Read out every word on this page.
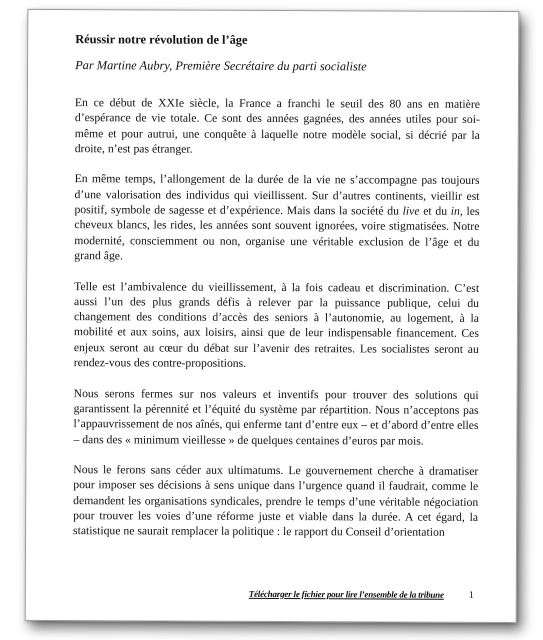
Réussir notre révolution de l’âge
Par Martine Aubry, Première Secrétaire du parti socialiste

En ce début de XXIe siècle, la France a franchi le seuil des 80 ans en matière d’espérance de vie totale. Ce sont des années gagnées, des années utiles pour soi-même et pour autrui, une conquête à laquelle notre modèle social, si décrié par la droite, n’est pas étranger.

En même temps, l’allongement de la durée de la vie ne s’accompagne pas toujours d’une valorisation des individus qui vieillissent. Sur d’autres continents, vieillir est positif, symbole de sagesse et d’expérience. Mais dans la société du live et du in, les cheveux blancs, les rides, les années sont souvent ignorées, voire stigmatisées. Notre modernité, consciemment ou non, organise une véritable exclusion de l’âge et du grand âge.

Telle est l’ambivalence du vieillissement, à la fois cadeau et discrimination. C’est aussi l’un des plus grands défis à relever par la puissance publique, celui du changement des conditions d’accès des seniors à l’autonomie, au logement, à la mobilité et aux soins, aux loisirs, ainsi que de leur indispensable financement. Ces enjeux seront au cœur du débat sur l’avenir des retraites. Les socialistes seront au rendez-vous des contre-propositions.

Nous serons fermes sur nos valeurs et inventifs pour trouver des solutions qui garantissent la pérennité et l’équité du système par répartition. Nous n’acceptons pas l’appauvrissement de nos aînés, qui enferme tant d’entre eux – et d’abord d’entre elles – dans des « minimum vieillesse » de quelques centaines d’euros par mois.

Nous le ferons sans céder aux ultimatums. Le gouvernement cherche à dramatiser pour imposer ses décisions à sens unique dans l’urgence quand il faudrait, comme le demandent les organisations syndicales, prendre le temps d’une véritable négociation pour trouver les voies d’une réforme juste et viable dans la durée. A cet égard, la statistique ne saurait remplacer la politique : le rapport du Conseil d’orientation

Télécharger le fichier pour lire l’ensemble de la tribune 1
